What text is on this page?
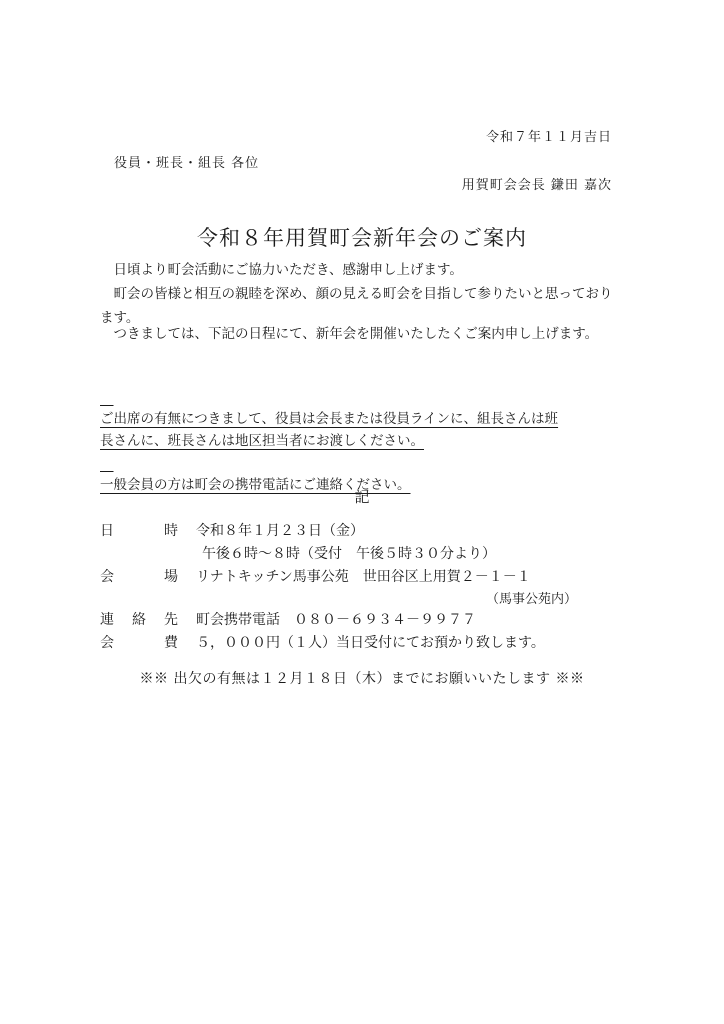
令和７年１１月吉日
役員・班長・組長 各位
用賀町会会長 鎌田 嘉次
令和８年用賀町会新年会のご案内
　日頃より町会活動にご協力いただき、感謝申し上げます。
　町会の皆様と相互の親睦を深め、顔の見える町会を目指して参りたいと思っております。
　つきましては、下記の日程にて、新年会を開催いたしたくご案内申し上げます。

ご出席の有無につきまして、役員は会長または役員ラインに、組長さんは班
長さんに、班長さんは地区担当者にお渡しください。

一般会員の方は町会の携帯電話にご連絡ください。
記
日	時 令和８年１月２３日（金）
午後６時～８時（受付　午後５時３０分より）
会	場 リナトキッチン馬事公苑　世田谷区上用賀２－１－１
（馬事公苑内）
連 絡 先 町会携帯電話　０８０－６９３４－９９７７
会	費 ５，０００円（１人）当日受付にてお預かり致します。
※※ 出欠の有無は１２月１８日（木）までにお願いいたします ※※
